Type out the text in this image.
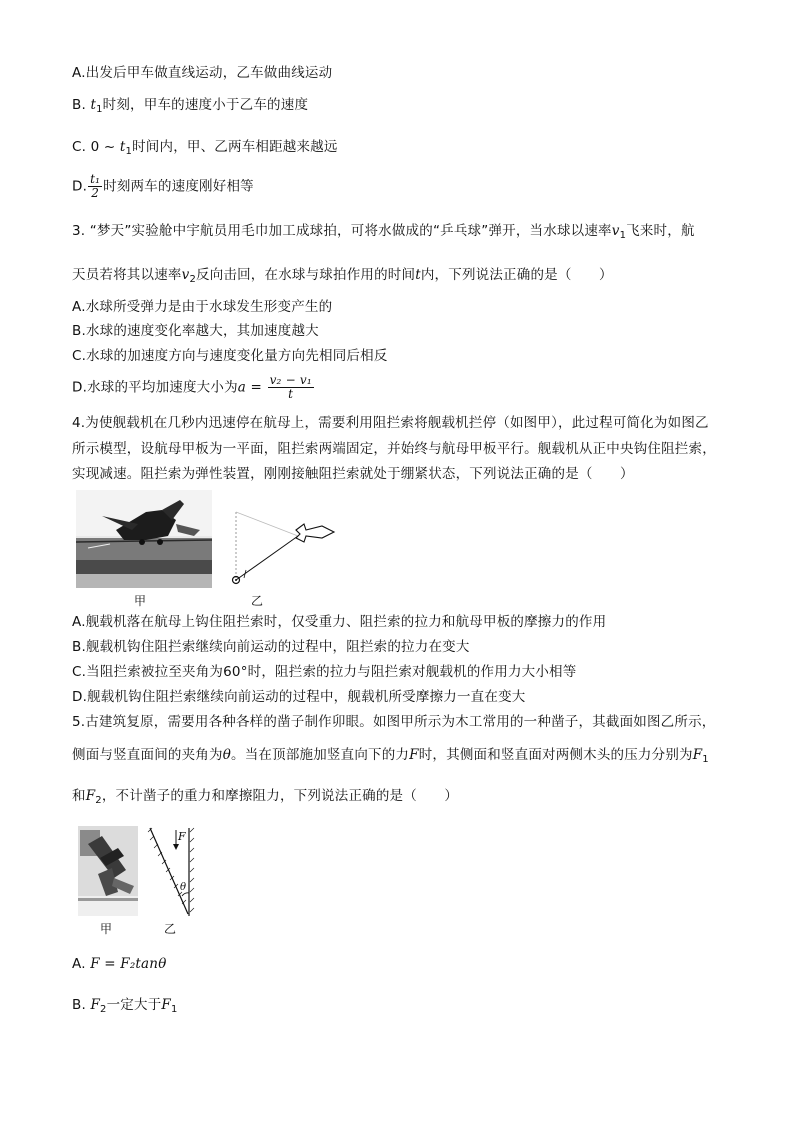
A.出发后甲车做直线运动，乙车做曲线运动
B. $t_1$时刻，甲车的速度小于乙车的速度
C. 0 ~ $t_1$时间内，甲、乙两车相距越来越远
D. $\frac{\text{t₁}}{2}$ 时刻两车的速度刚好相等
3. “梦天”实验舱中宇航员用毛巾加工成球拍，可将水做成的“乒乓球”弹开，当水球以速率$v_1$飞来时，航
天员若将其以速率$v_2$反向击回，在水球与球拍作用的时间t内，下列说法正确的是（　　）
A.水球所受弹力是由于水球发生形变产生的
B.水球的速度变化率越大，其加速度越大
C.水球的加速度方向与速度变化量方向先相同后相反
D.水球的平均加速度大小为$a = \frac{\text{v₂ − v₁}}{t}$
4.为使舰载机在几秒内迅速停在航母上，需要利用阻拦索将舰载机拦停（如图甲），此过程可简化为如图乙
所示模型，设航母甲板为一平面，阻拦索两端固定，并始终与航母甲板平行。舰载机从正中央钩住阻拦索，
实现减速。阻拦索为弹性装置，刚刚接触阻拦索就处于绷紧状态，下列说法正确的是（　　）
甲	乙
A.舰载机落在航母上钩住阻拦索时，仅受重力、阻拦索的拉力和航母甲板的摩擦力的作用
B.舰载机钩住阻拦索继续向前运动的过程中，阻拦索的拉力在变大
C.当阻拦索被拉至夹角为60°时，阻拦索的拉力与阻拦索对舰载机的作用力大小相等
D.舰载机钩住阻拦索继续向前运动的过程中，舰载机所受摩擦力一直在变大
5.古建筑复原，需要用各种各样的凿子制作卯眼。如图甲所示为木工常用的一种凿子，其截面如图乙所示，
侧面与竖直面间的夹角为θ。当在顶部施加竖直向下的力F时，其侧面和竖直面对两侧木头的压力分别为$F_1$
和$F_2$，不计凿子的重力和摩擦阻力，下列说法正确的是（　　）
甲
F
θ
乙
A. F = F₂tanθ
B. $F_2$一定大于$F_1$
